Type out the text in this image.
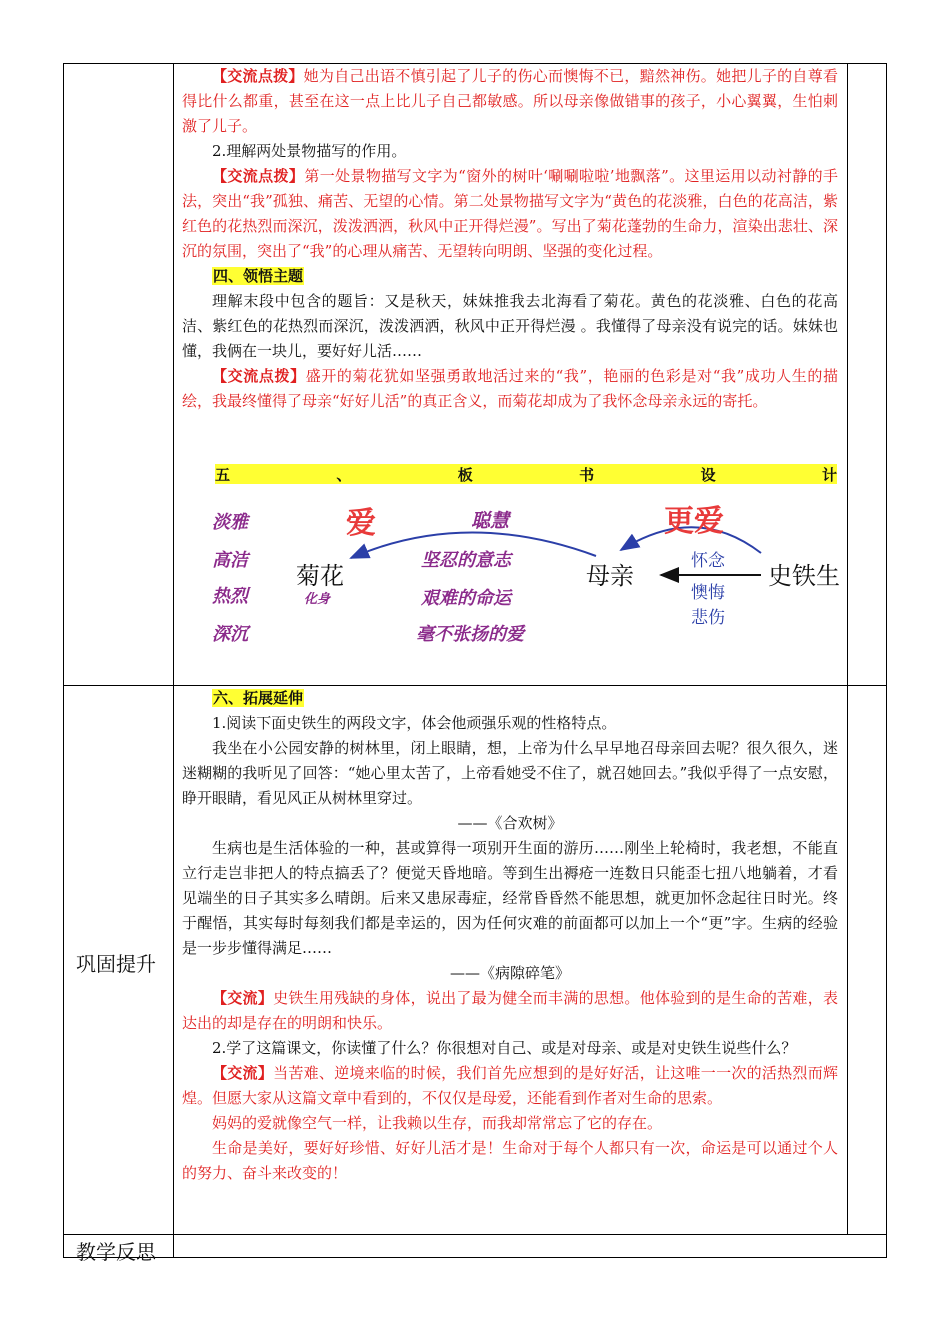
【交流点拨】她为自己出语不慎引起了儿子的伤心而懊悔不已，黯然神伤。她把儿子的自尊看得比什么都重，甚至在这一点上比儿子自己都敏感。所以母亲像做错事的孩子，小心翼翼，生怕刺激了儿子。

2.理解两处景物描写的作用。

【交流点拨】第一处景物描写文字为“窗外的树叶‘唰唰啦啦’地飘落”。这里运用以动衬静的手法，突出“我”孤独、痛苦、无望的心情。第二处景物描写文字为“黄色的花淡雅，白色的花高洁，紫红色的花热烈而深沉，泼泼洒洒，秋风中正开得烂漫”。写出了菊花蓬勃的生命力，渲染出悲壮、深沉的氛围，突出了“我”的心理从痛苦、无望转向明朗、坚强的变化过程。

四、领悟主题

理解末段中包含的题旨：又是秋天，妹妹推我去北海看了菊花。黄色的花淡雅、白色的花高洁、紫红色的花热烈而深沉，泼泼洒洒，秋风中正开得烂漫 。我懂得了母亲没有说完的话。妹妹也懂，我俩在一块儿，要好好儿活……

【交流点拨】盛开的菊花犹如坚强勇敢地活过来的“我”，艳丽的色彩是对“我”成功人生的描绘，我最终懂得了母亲“好好儿活”的真正含义，而菊花却成为了我怀念母亲永远的寄托。

五	、	板	书	设	计
淡雅
高洁
热烈
深沉
爱	聪慧	更爱
菊花
化身
坚忍的意志
艰难的命运
毫不张扬的爱
母亲	史铁生
怀念
懊悔
悲伤
巩固提升

六、拓展延伸

1.阅读下面史铁生的两段文字，体会他顽强乐观的性格特点。

我坐在小公园安静的树林里，闭上眼睛，想，上帝为什么早早地召母亲回去呢？很久很久，迷迷糊糊的我听见了回答：“她心里太苦了，上帝看她受不住了，就召她回去。”我似乎得了一点安慰，睁开眼睛，看见风正从树林里穿过。

——《合欢树》

生病也是生活体验的一种，甚或算得一项别开生面的游历……刚坐上轮椅时，我老想，不能直立行走岂非把人的特点搞丢了？便觉天昏地暗。等到生出褥疮一连数日只能歪七扭八地躺着，才看见端坐的日子其实多么晴朗。后来又患尿毒症，经常昏昏然不能思想，就更加怀念起往日时光。终于醒悟，其实每时每刻我们都是幸运的，因为任何灾难的前面都可以加上一个“更”字。生病的经验是一步步懂得满足……

——《病隙碎笔》

【交流】史铁生用残缺的身体，说出了最为健全而丰满的思想。他体验到的是生命的苦难，表达出的却是存在的明朗和快乐。

2.学了这篇课文，你读懂了什么？你很想对自己、或是对母亲、或是对史铁生说些什么？

【交流】当苦难、逆境来临的时候，我们首先应想到的是好好活，让这唯一一次的活热烈而辉煌。但愿大家从这篇文章中看到的，不仅仅是母爱，还能看到作者对生命的思索。

妈妈的爱就像空气一样，让我赖以生存，而我却常常忘了它的存在。

生命是美好，要好好珍惜、好好儿活才是！生命对于每个人都只有一次，命运是可以通过个人的努力、奋斗来改变的！

教学反思
